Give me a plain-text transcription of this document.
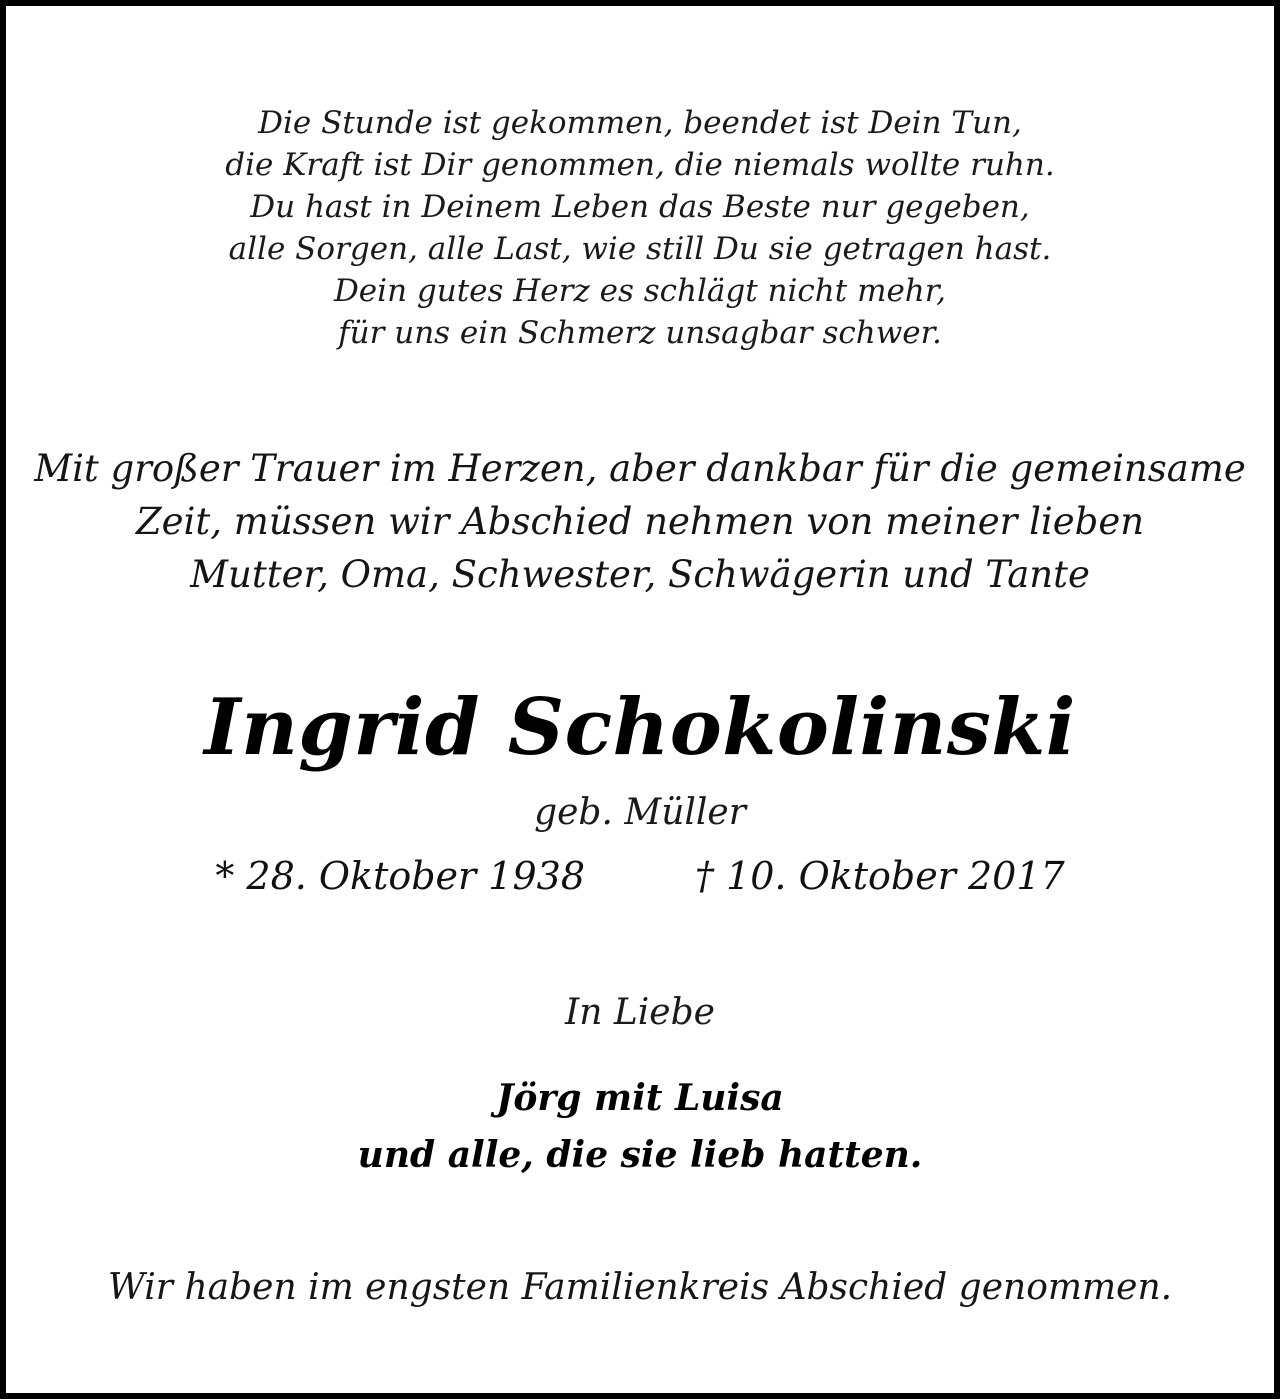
Die Stunde ist gekommen, beendet ist Dein Tun,
die Kraft ist Dir genommen, die niemals wollte ruhn.
Du hast in Deinem Leben das Beste nur gegeben,
alle Sorgen, alle Last, wie still Du sie getragen hast.
Dein gutes Herz es schlägt nicht mehr,
für uns ein Schmerz unsagbar schwer.
Mit großer Trauer im Herzen, aber dankbar für die gemeinsame
Zeit, müssen wir Abschied nehmen von meiner lieben
Mutter, Oma, Schwester, Schwägerin und Tante
Ingrid Schokolinski
geb. Müller
* 28. Oktober 1938	† 10. Oktober 2017
In Liebe
Jörg mit Luisa
und alle, die sie lieb hatten.
Wir haben im engsten Familienkreis Abschied genommen.
